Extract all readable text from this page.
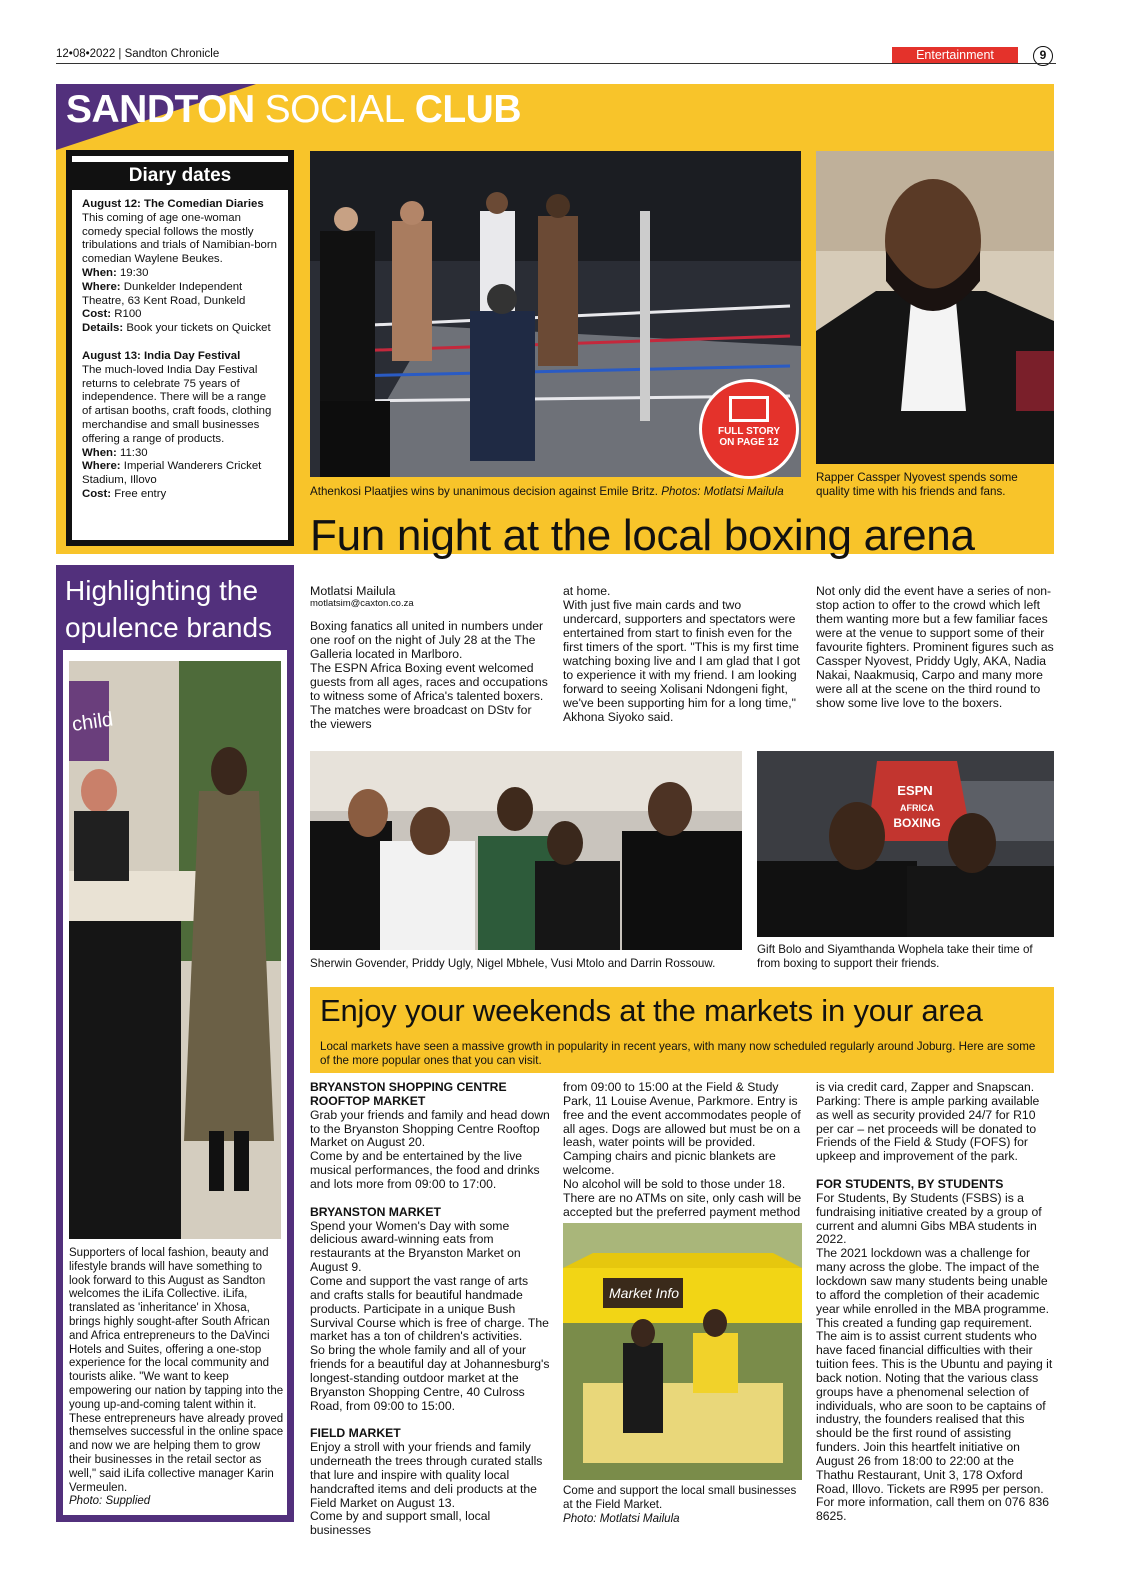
12•08•2022 | Sandton Chronicle	Entertainment	9
SANDTON SOCIAL CLUB
Diary dates

August 12: The Comedian Diaries
This coming of age one-woman comedy special follows the mostly tribulations and trials of Namibian-born comedian Waylene Beukes.
When: 19:30
Where: Dunkelder Independent Theatre, 63 Kent Road, Dunkeld
Cost: R100
Details: Book your tickets on Quicket

August 13: India Day Festival
The much-loved India Day Festival returns to celebrate 75 years of independence. There will be a range of artisan booths, craft foods, clothing merchandise and small businesses offering a range of products.
When: 11:30
Where: Imperial Wanderers Cricket Stadium, Illovo
Cost: Free entry

FULL STORY
ON PAGE 12
Athenkosi Plaatjies wins by unanimous decision against Emile Britz. Photos: Motlatsi Mailula
Rapper Cassper Nyovest spends some quality time with his friends and fans.
Fun night at the local boxing arena
Motlatsi Mailula
motlatsim@caxton.co.za
Boxing fanatics all united in numbers under one roof on the night of July 28 at the The Galleria located in Marlboro.
The ESPN Africa Boxing event welcomed guests from all ages, races and occupations to witness some of Africa's talented boxers. The matches were broadcast on DStv for the viewers
at home.
With just five main cards and two undercard, supporters and spectators were entertained from start to finish even for the first timers of the sport. "This is my first time watching boxing live and I am glad that I got to experience it with my friend. I am looking forward to seeing Xolisani Ndongeni fight, we've been supporting him for a long time," Akhona Siyoko said.
Not only did the event have a series of non-stop action to offer to the crowd which left them wanting more but a few familiar faces were at the venue to support some of their favourite fighters. Prominent figures such as Cassper Nyovest, Priddy Ugly, AKA, Nadia Nakai, Naakmusiq, Carpo and many more were all at the scene on the third round to show some live love to the boxers.
Sherwin Govender, Priddy Ugly, Nigel Mbhele, Vusi Mtolo and Darrin Rossouw.
ESPN
AFRICA
BOXING
Gift Bolo and Siyamthanda Wophela take their time of from boxing to support their friends.
Highlighting the opulence brands
child
Supporters of local fashion, beauty and lifestyle brands will have something to look forward to this August as Sandton welcomes the iLifa Collective. iLifa, translated as 'inheritance' in Xhosa, brings highly sought-after South African and Africa entrepreneurs to the DaVinci Hotels and Suites, offering a one-stop experience for the local community and tourists alike. "We want to keep empowering our nation by tapping into the young up-and-coming talent within it. These entrepreneurs have already proved themselves successful in the online space and now we are helping them to grow their businesses in the retail sector as well," said iLifa collective manager Karin Vermeulen.
Photo: Supplied
Enjoy your weekends at the markets in your area
Local markets have seen a massive growth in popularity in recent years, with many now scheduled regularly around Joburg. Here are some of the more popular ones that you can visit.

BRYANSTON SHOPPING CENTRE ROOFTOP MARKET
Grab your friends and family and head down to the Bryanston Shopping Centre Rooftop Market on August 20.
Come by and be entertained by the live musical performances, the food and drinks and lots more from 09:00 to 17:00.

BRYANSTON MARKET
Spend your Women's Day with some delicious award-winning eats from restaurants at the Bryanston Market on August 9.
Come and support the vast range of arts and crafts stalls for beautiful handmade products. Participate in a unique Bush Survival Course which is free of charge. The market has a ton of children's activities.
So bring the whole family and all of your friends for a beautiful day at Johannesburg's longest-standing outdoor market at the Bryanston Shopping Centre, 40 Culross Road, from 09:00 to 15:00.

FIELD MARKET
Enjoy a stroll with your friends and family underneath the trees through curated stalls that lure and inspire with quality local handcrafted items and deli products at the Field Market on August 13.
Come by and support small, local businesses

from 09:00 to 15:00 at the Field & Study Park, 11 Louise Avenue, Parkmore. Entry is free and the event accommodates people of all ages. Dogs are allowed but must be on a leash, water points will be provided. Camping chairs and picnic blankets are welcome.
No alcohol will be sold to those under 18. There are no ATMs on site, only cash will be accepted but the preferred payment method
Market Info
Come and support the local small businesses at the Field Market.
Photo: Motlatsi Mailula

is via credit card, Zapper and Snapscan.
Parking: There is ample parking available as well as security provided 24/7 for R10 per car – net proceeds will be donated to Friends of the Field & Study (FOFS) for upkeep and improvement of the park.

FOR STUDENTS, BY STUDENTS
For Students, By Students (FSBS) is a fundraising initiative created by a group of current and alumni Gibs MBA students in 2022.
The 2021 lockdown was a challenge for many across the globe. The impact of the lockdown saw many students being unable to afford the completion of their academic year while enrolled in the MBA programme. This created a funding gap requirement. The aim is to assist current students who have faced financial difficulties with their tuition fees. This is the Ubuntu and paying it back notion. Noting that the various class groups have a phenomenal selection of individuals, who are soon to be captains of industry, the founders realised that this should be the first round of assisting funders. Join this heartfelt initiative on August 26 from 18:00 to 22:00 at the Thathu Restaurant, Unit 3, 178 Oxford Road, Illovo. Tickets are R995 per person.
For more information, call them on 076 836 8625.
